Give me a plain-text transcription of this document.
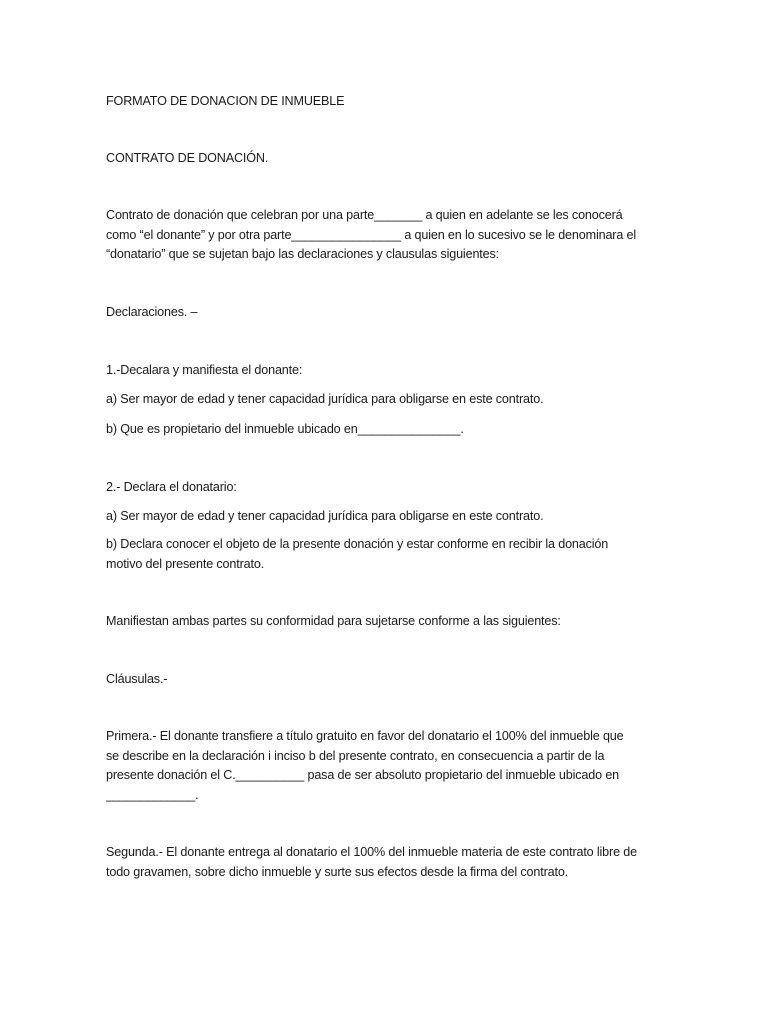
FORMATO DE DONACION DE INMUEBLE
CONTRATO DE DONACIÓN.
Contrato de donación que celebran por una parte_______ a quien en adelante se les conocerá
como “el donante” y por otra parte________________ a quien en lo sucesivo se le denominara el
“donatario” que se sujetan bajo las declaraciones y clausulas siguientes:
Declaraciones. –
1.-Decalara y manifiesta el donante:
a) Ser mayor de edad y tener capacidad jurídica para obligarse en este contrato.
b) Que es propietario del inmueble ubicado en_______________.
2.- Declara el donatario:
a) Ser mayor de edad y tener capacidad jurídica para obligarse en este contrato.
b) Declara conocer el objeto de la presente donación y estar conforme en recibir la donación
motivo del presente contrato.
Manifiestan ambas partes su conformidad para sujetarse conforme a las siguientes:
Cláusulas.-
Primera.- El donante transfiere a título gratuito en favor del donatario el 100% del inmueble que
se describe en la declaración i inciso b del presente contrato, en consecuencia a partir de la
presente donación el C.__________ pasa de ser absoluto propietario del inmueble ubicado en
_____________.
Segunda.- El donante entrega al donatario el 100% del inmueble materia de este contrato libre de
todo gravamen, sobre dicho inmueble y surte sus efectos desde la firma del contrato.
